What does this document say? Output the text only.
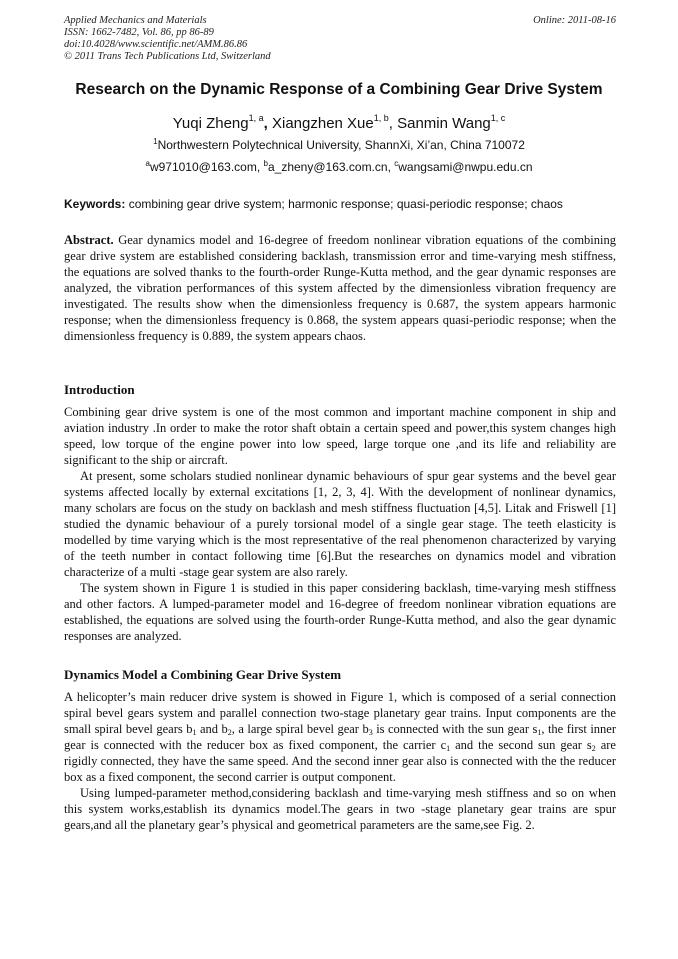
Applied Mechanics and Materials
ISSN: 1662-7482, Vol. 86, pp 86-89
doi:10.4028/www.scientific.net/AMM.86.86
© 2011 Trans Tech Publications Ltd, Switzerland
Online: 2011-08-16
Research on the Dynamic Response of a Combining Gear Drive System
Yuqi Zheng$^{1, a}$, Xiangzhen Xue$^{1, b}$, Sanmin Wang$^{1, c}$
$^1$Northwestern Polytechnical University, ShannXi, Xi’an, China 710072
$^a$w971010@163.com, $^b$a_zheny@163.com.cn, $^c$wangsami@nwpu.edu.cn
Keywords: combining gear drive system; harmonic response; quasi-periodic response; chaos
Abstract. Gear dynamics model and 16-degree of freedom nonlinear vibration equations of the combining gear drive system are established considering backlash, transmission error and time-varying mesh stiffness, the equations are solved thanks to the fourth-order Runge-Kutta method, and the gear dynamic responses are analyzed, the vibration performances of this system affected by the dimensionless vibration frequency are investigated. The results show when the dimensionless frequency is 0.687, the system appears harmonic response; when the dimensionless frequency is 0.868, the system appears quasi-periodic response; when the dimensionless frequency is 0.889, the system appears chaos.
Introduction

Combining gear drive system is one of the most common and important machine component in ship and aviation industry .In order to make the rotor shaft obtain a certain speed and power,this system changes high speed, low torque of the engine power into low speed, large torque one ,and its life and reliability are significant to the ship or aircraft.

At present, some scholars studied nonlinear dynamic behaviours of spur gear systems and the bevel gear systems affected locally by external excitations [1, 2, 3, 4]. With the development of nonlinear dynamics, many scholars are focus on the study on backlash and mesh stiffness fluctuation [4,5]. Litak and Friswell [1] studied the dynamic behaviour of a purely torsional model of a single gear stage. The teeth elasticity is modelled by time varying which is the most representative of the real phenomenon characterized by varying of the teeth number in contact following time [6].But the researches on dynamics model and vibration characterize of a multi -stage gear system are also rarely.

The system shown in Figure 1 is studied in this paper considering backlash, time-varying mesh stiffness and other factors. A lumped-parameter model and 16-degree of freedom nonlinear vibration equations are established, the equations are solved using the fourth-order Runge-Kutta method, and also the gear dynamic responses are analyzed.

Dynamics Model a Combining Gear Drive System

A helicopter’s main reducer drive system is showed in Figure 1, which is composed of a serial connection spiral bevel gears system and parallel connection two-stage planetary gear trains. Input components are the small spiral bevel gears $b_1$ and $b_2$, a large spiral bevel gear $b_3$ is connected with the sun gear $s_1$, the first inner gear is connected with the reducer box as fixed component, the carrier $c_1$ and the second sun gear $s_2$ are rigidly connected, they have the same speed. And the second inner gear also is connected with the the reducer box as a fixed component, the second carrier is output component.

Using lumped-parameter method,considering backlash and time-varying mesh stiffness and so on when this system works,establish its dynamics model.The gears in two -stage planetary gear trains are spur gears,and all the planetary gear’s physical and geometrical parameters are the same,see Fig. 2.
